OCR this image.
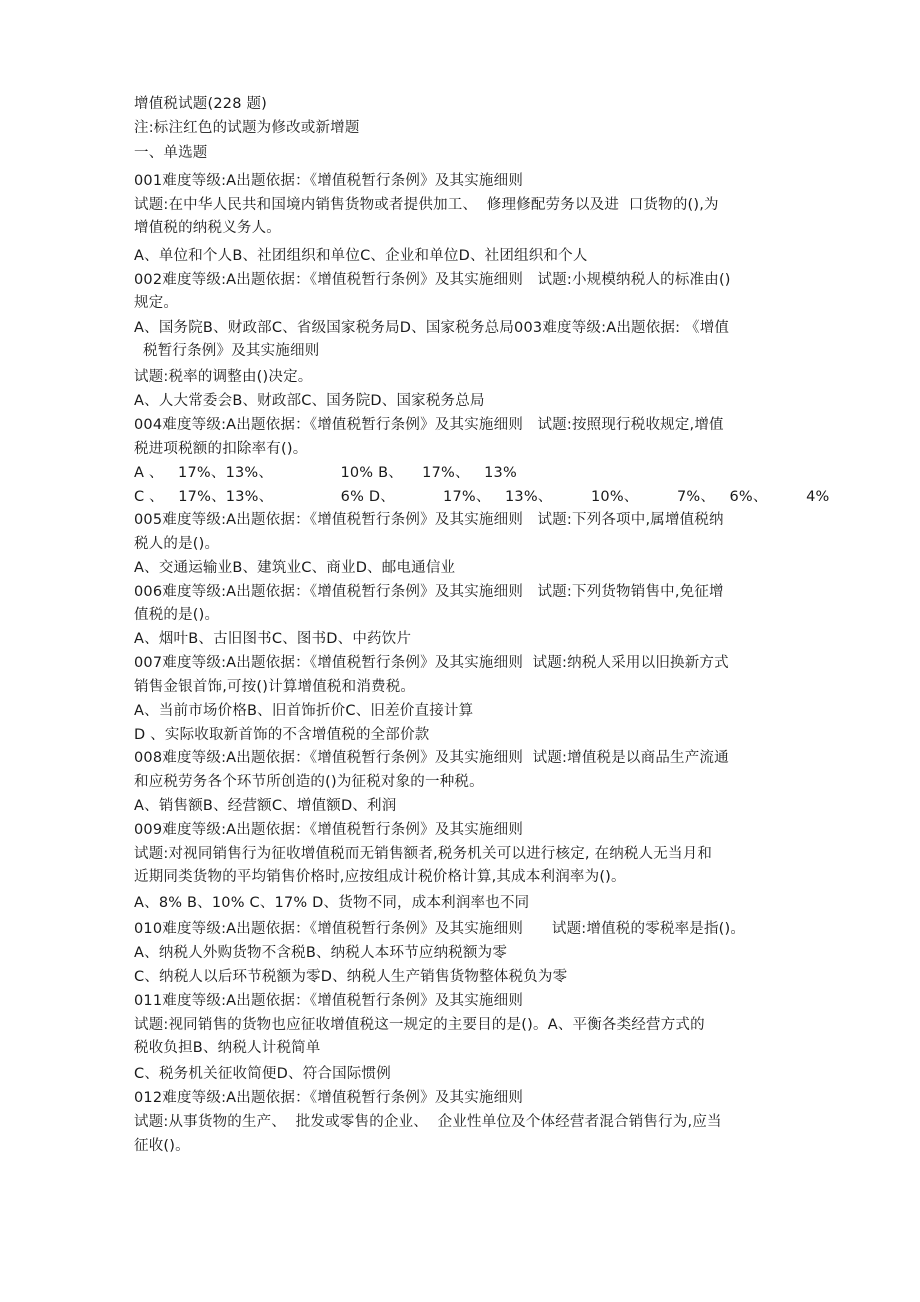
增值税试题(228 题)

注:标注红色的试题为修改或新增题

一、单选题

001难度等级:A出题依据：《增值税暂行条例》及其实施细则

试题:在中华人民共和国境内销售货物或者提供加工、  修理修配劳务以及进  口货物的(),为

增值税的纳税义务人。

A、单位和个人B、社团组织和单位C、企业和单位D、社团组织和个人

002难度等级:A出题依据：《增值税暂行条例》及其实施细则   试题:小规模纳税人的标准由()

规定。

A、国务院B、财政部C、省级国家税务局D、国家税务总局003难度等级:A出题依据: 《增值

税暂行条例》及其实施细则

试题:税率的调整由()决定。

A、人大常委会B、财政部C、国务院D、国家税务总局

004难度等级:A出题依据：《增值税暂行条例》及其实施细则   试题:按照现行税收规定,增值

税进项税额的扣除率有()。

A 、   17%、13%、              10% B、    17%、   13%

C 、   17%、13%、              6% D、          17%、   13%、        10%、        7%、   6%、        4%

005难度等级:A出题依据：《增值税暂行条例》及其实施细则   试题:下列各项中,属增值税纳

税人的是()。

A、交通运输业B、建筑业C、商业D、邮电通信业

006难度等级:A出题依据：《增值税暂行条例》及其实施细则   试题:下列货物销售中,免征增

值税的是()。

A、烟叶B、古旧图书C、图书D、中药饮片

007难度等级:A出题依据：《增值税暂行条例》及其实施细则  试题:纳税人采用以旧换新方式

销售金银首饰,可按()计算增值税和消费税。

A、当前市场价格B、旧首饰折价C、旧差价直接计算

D 、实际收取新首饰的不含增值税的全部价款

008难度等级:A出题依据：《增值税暂行条例》及其实施细则  试题:增值税是以商品生产流通

和应税劳务各个环节所创造的()为征税对象的一种税。

A、销售额B、经营额C、增值额D、利润

009难度等级:A出题依据：《增值税暂行条例》及其实施细则

试题:对视同销售行为征收增值税而无销售额者,税务机关可以进行核定, 在纳税人无当月和

近期同类货物的平均销售价格时,应按组成计税价格计算,其成本利润率为()。

A、8% B、10% C、17% D、货物不同，成本利润率也不同

010难度等级:A出题依据：《增值税暂行条例》及其实施细则      试题:增值税的零税率是指()。

A、纳税人外购货物不含税B、纳税人本环节应纳税额为零

C、纳税人以后环节税额为零D、纳税人生产销售货物整体税负为零

011难度等级:A出题依据：《增值税暂行条例》及其实施细则

试题:视同销售的货物也应征收增值税这一规定的主要目的是()。A、平衡各类经营方式的

税收负担B、纳税人计税简单

C、税务机关征收简便D、符合国际惯例

012难度等级:A出题依据：《增值税暂行条例》及其实施细则

试题:从事货物的生产、  批发或零售的企业、  企业性单位及个体经营者混合销售行为,应当

征收()。
